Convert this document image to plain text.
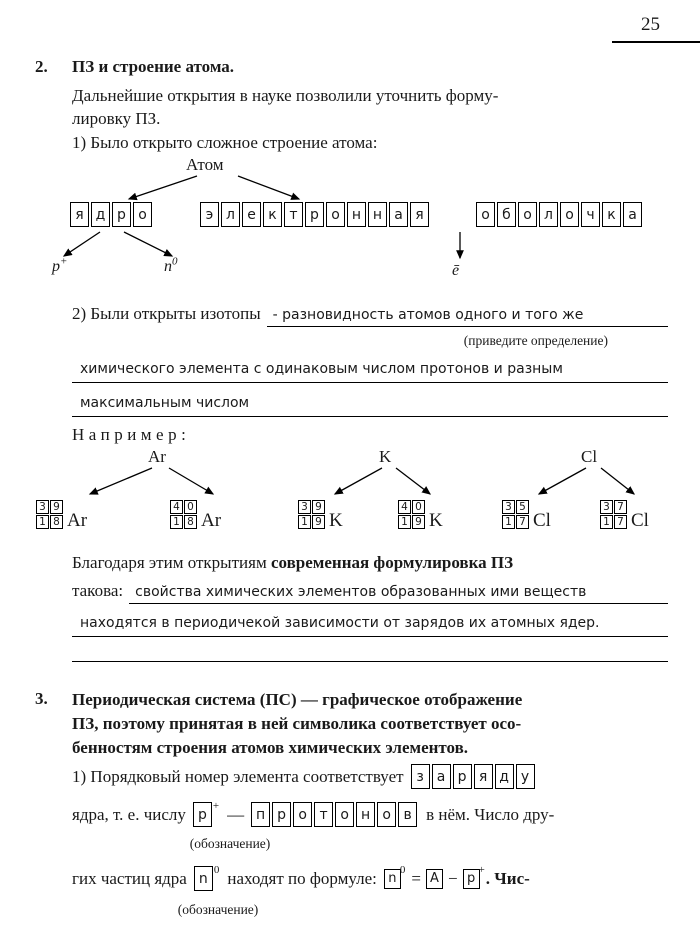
25
2. ПЗ и строение атома.
Дальнейшие открытия в науке позволили уточнить форму-
лировку ПЗ.
1) Было открыто сложное строение атома:
Атом
я д р о	э л е к т р о н н а я	о б о л о ч к а
p+	$n^0$
ē
2) Были открыты изотопы - разновидность атомов одного и того же
(приведите определение)
химического элемента с одинаковым числом протонов и разным
максимальным числом
Например:
Ar	K	Cl
3 9
1 8 Ar
4 0
1 8 Ar
3 9
1 9 K
4 0
1 9 K
3 5
1 7 Cl
3 7
1 7 Cl
Благодаря этим открытиям современная формулировка ПЗ
такова: свойства химических элементов образованных ими веществ
находятся в периодичекой зависимости от зарядов их атомных ядер.
3. Периодическая система (ПС) — графическое отображение
ПЗ, поэтому принятая в ней символика соответствует осо-
бенностям строения атомов химических элементов.
1) Порядковый номер элемента соответствует з а р я д у
ядра, т. е. числу p+ — п р о т о н о в в нём. Число дру-
(обозначение)
гих частиц ядра $n^0$ находят по формуле: $n^0 = A - p^+$ . Чис-
(обозначение)
